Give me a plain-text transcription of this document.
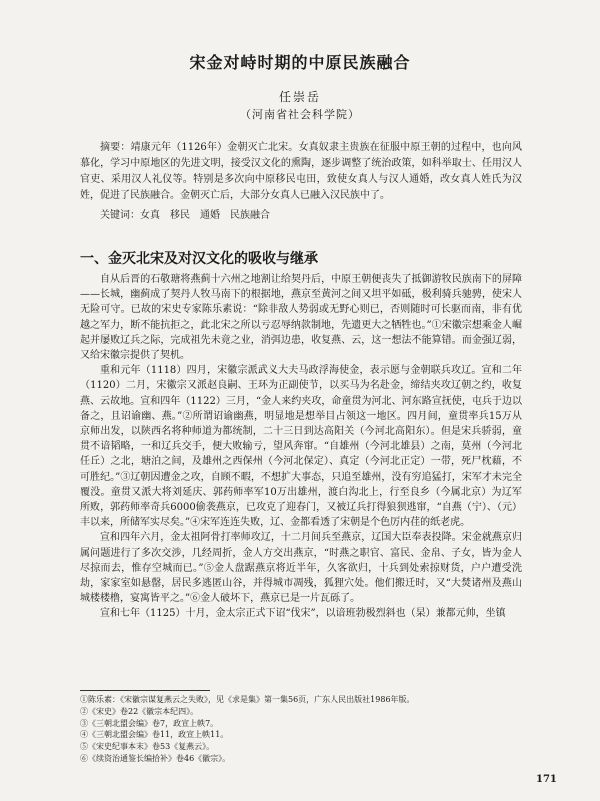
宋金对峙时期的中原民族融合
任崇岳
（河南省社会科学院）

摘要：靖康元年（1126年）金朝灭亡北宋。女真奴隶主贵族在征服中原王朝的过程中，也向风慕化，学习中原地区的先进文明，接受汉文化的熏陶，逐步调整了统治政策，如科举取士、任用汉人官吏、采用汉人礼仪等。特别是多次向中原移民屯田，致使女真人与汉人通婚，改女真人姓氏为汉姓，促进了民族融合。金朝灭亡后，大部分女真人已融入汉民族中了。

关键词：女真　移民　通婚　民族融合

一、金灭北宋及对汉文化的吸收与继承

自从后晋的石敬瑭将燕蓟十六州之地割让给契丹后，中原王朝便丧失了抵御游牧民族南下的屏障——长城，幽蓟成了契丹人牧马南下的根据地，燕京至黄河之间又坦平如砥，极利骑兵驰骋，使宋人无险可守。已故的宋史专家陈乐素说：“除非敌人势弱或无野心则已，否则随时可长驱而南，非有优越之军力，断不能抗拒之，此北宋之所以亏忍辱纳款制地，先遗更大之牺牲也。”①宋徽宗想乘金人崛起并屡败辽兵之际，完成祖先未竟之业，消弭边患，收复燕、云，这一想法不能算错。而金强辽弱，又给宋徽宗提供了契机。

重和元年（1118）四月，宋徽宗派武义大夫马政浮海使金，表示愿与金朝联兵攻辽。宣和二年（1120）二月，宋徽宗又派赵良嗣、王环为正副使节，以买马为名赴金，缔结夹攻辽朝之约，收复燕、云故地。宣和四年（1122）三月，“金人来约夹攻，命童贯为河北、河东路宣抚使，屯兵于边以备之，且诏谕幽、燕。”②所谓诏谕幽燕，明显地是想举目占领这一地区。四月间，童贯率兵15万从京师出发，以陕西名将种师道为都统制，二十三日到达高阳关（今河北高阳东）。但是宋兵骄弱，童贯不谙韬略，一和辽兵交手，便大败输亏，望风奔窜。“自雄州（今河北雄县）之南，莫州（今河北任丘）之北，塘泊之间，及雄州之西保州（今河北保定）、真定（今河北正定）一带，死尸枕藉，不可胜纪。”③辽朝因遭金之攻，自顾不暇，不想扩大事态，只追至雄州，没有穷追猛打，宋军才未完全覆没。童贯又派大将刘延庆、郭药师率军10万出雄州，渡白沟北上，行至良乡（今属北京）为辽军所败，郭药师率奇兵6000偷袭燕京，已攻克了迎春门，又被辽兵打得狼狈逃窜，“自燕（宁）、（元）丰以来，所储军实尽矣。”④宋军连连失败，辽、金都看透了宋朝是个色厉内荏的纸老虎。

宣和四年六月，金太祖阿骨打率师攻辽，十二月间兵至燕京，辽国大臣奉表投降。宋金就燕京归属问题进行了多次交涉，几经周折，金人方交出燕京，“时燕之职官、富民、金帛、子女，皆为金人尽掠而去，惟存空城而已。”⑤金人盘踞燕京将近半年，久客欲归，十兵到处索掠财货，户户遭受洗劫，家家室如悬罄，居民多逃匿山谷，并得城市凋残，狐狸穴处。他们搬迁时，又“大焚诸州及燕山城楼楼橹，宴寓皆平之。”⑥金人破坏下，燕京已是一片瓦砾了。

宣和七年（1125）十月，金太宗正式下诏“伐宋”，以谙班勃极烈斜也（杲）兼都元帅，坐镇

①陈乐素：《宋徽宗谋复燕云之失败》，见《求是集》第一集56页，广东人民出版社1986年版。
②《宋史》卷22《徽宗本纪四》。
③《三朝北盟会编》卷7，政宣上帙7。
④《三朝北盟会编》卷11，政宣上帙11。
⑤《宋史纪事本末》卷53《复燕云》。
⑥《续资治通鉴长编拾补》卷46《徽宗》。
171
